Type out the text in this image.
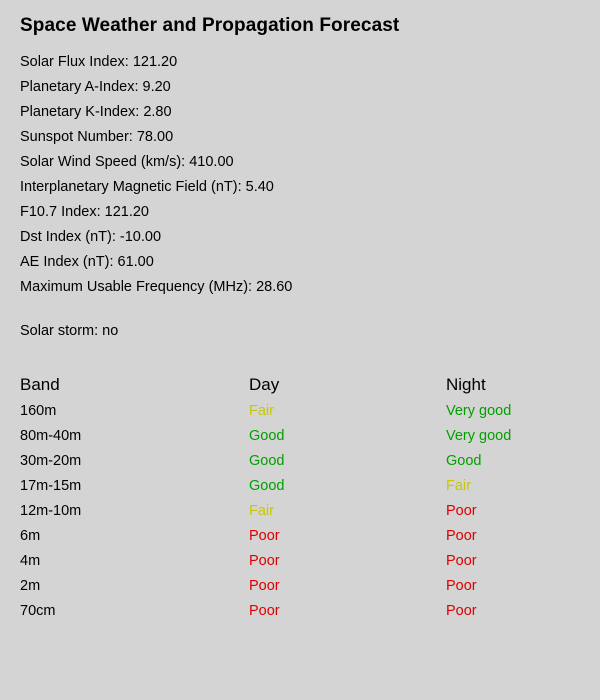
Space Weather and Propagation Forecast
Solar Flux Index: 121.20
Planetary A-Index: 9.20
Planetary K-Index: 2.80
Sunspot Number: 78.00
Solar Wind Speed (km/s): 410.00
Interplanetary Magnetic Field (nT): 5.40
F10.7 Index: 121.20
Dst Index (nT): -10.00
AE Index (nT): 61.00
Maximum Usable Frequency (MHz): 28.60
Solar storm: no
Band	Day	Night
160m	Fair	Very good
80m-40m	Good	Very good
30m-20m	Good	Good
17m-15m	Good	Fair
12m-10m	Fair	Poor
6m	Poor	Poor
4m	Poor	Poor
2m	Poor	Poor
70cm	Poor	Poor
